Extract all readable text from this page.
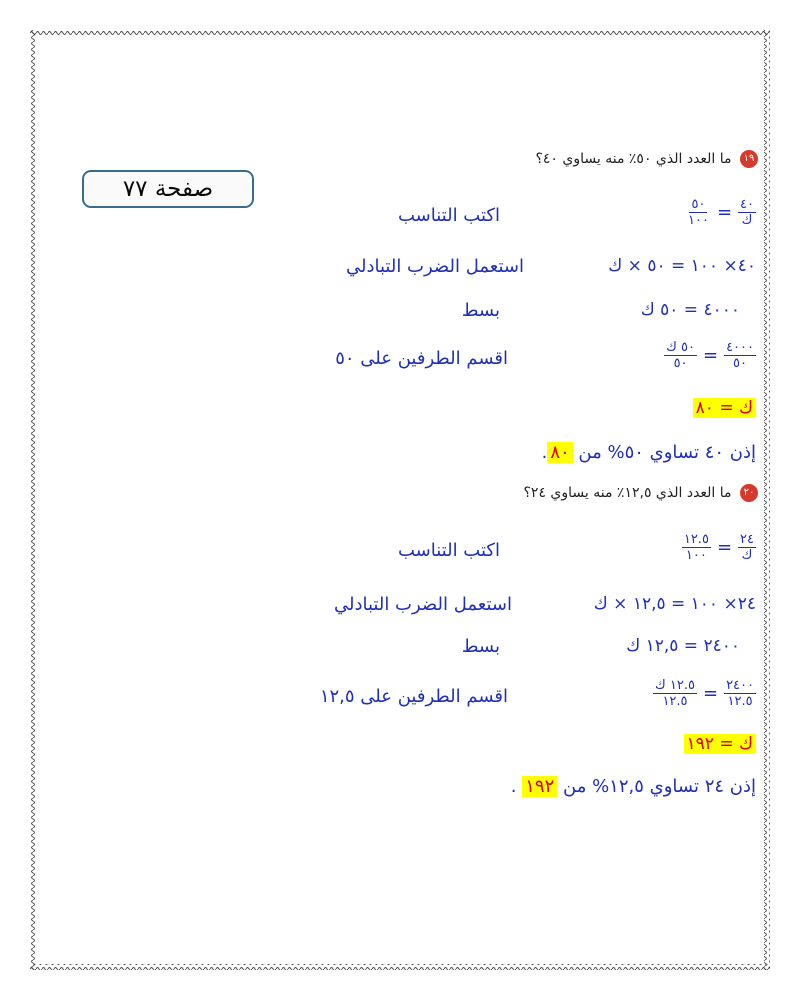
صفحة ٧٧
١٩ ما العدد الذي ٥٠٪ منه يساوي ٤٠؟
$\frac{٤٠}{\text{ك}}$
=
$\frac{٥٠}{١٠٠}$
اكتب التناسب
٤٠× ١٠٠ = ٥٠ × ك
استعمل الضرب التبادلي
٤٠٠٠ = ٥٠ ك
بسط
$\frac{٤٠٠٠}{٥٠}$
=
$\frac{\text{٥٠ ك}}{٥٠}$
اقسم الطرفين على ٥٠
ك = ٨٠
إذن ٤٠ تساوي ٥٠% من ٨٠.
٢٠ ما العدد الذي ١٢,٥٪ منه يساوي ٢٤؟
$\frac{٢٤}{\text{ك}}$
=
$\frac{١٢.٥}{١٠٠}$
اكتب التناسب
٢٤× ١٠٠ = ١٢,٥ × ك
استعمل الضرب التبادلي
٢٤٠٠ = ١٢,٥ ك
بسط
$\frac{٢٤٠٠}{١٢.٥}$
=
$\frac{\text{١٢.٥ ك}}{١٢.٥}$
اقسم الطرفين على ١٢,٥
ك = ١٩٢
إذن ٢٤ تساوي ١٢,٥% من ١٩٢ .
